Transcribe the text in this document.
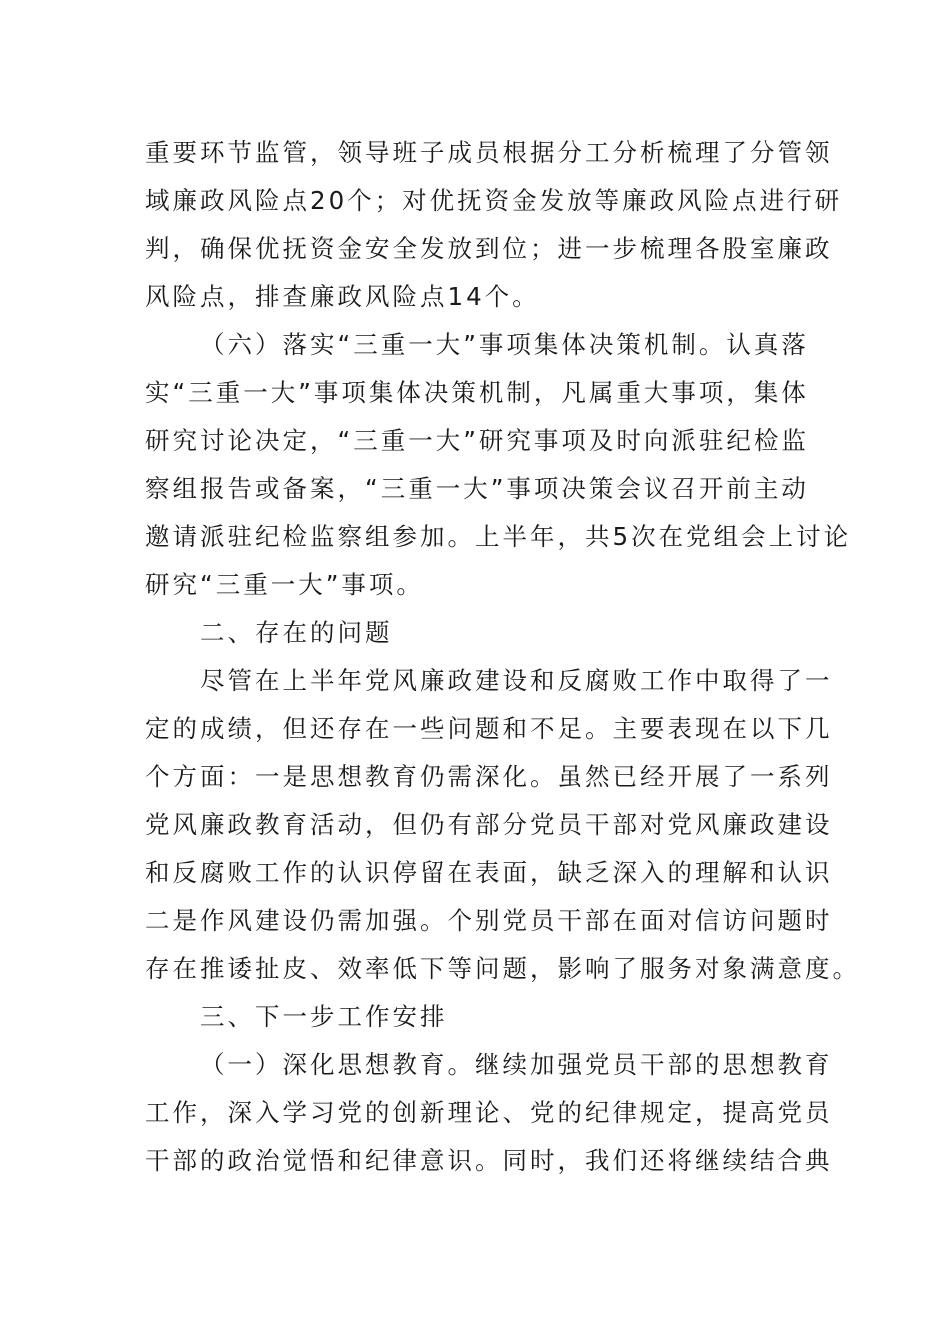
重要环节监管，领导班子成员根据分工分析梳理了分管领
域廉政风险点20个；对优抚资金发放等廉政风险点进行研
判，确保优抚资金安全发放到位；进一步梳理各股室廉政
风险点，排查廉政风险点14个。
（六）落实“三重一大”事项集体决策机制。认真落
实“三重一大”事项集体决策机制，凡属重大事项，集体
研究讨论决定，“三重一大”研究事项及时向派驻纪检监
察组报告或备案，“三重一大”事项决策会议召开前主动
邀请派驻纪检监察组参加。上半年，共5次在党组会上讨论
研究“三重一大”事项。
二、存在的问题
尽管在上半年党风廉政建设和反腐败工作中取得了一
定的成绩，但还存在一些问题和不足。主要表现在以下几
个方面：一是思想教育仍需深化。虽然已经开展了一系列
党风廉政教育活动，但仍有部分党员干部对党风廉政建设
和反腐败工作的认识停留在表面，缺乏深入的理解和认识
二是作风建设仍需加强。个别党员干部在面对信访问题时
存在推诿扯皮、效率低下等问题，影响了服务对象满意度。
三、下一步工作安排
（一）深化思想教育。继续加强党员干部的思想教育
工作，深入学习党的创新理论、党的纪律规定，提高党员
干部的政治觉悟和纪律意识。同时，我们还将继续结合典
